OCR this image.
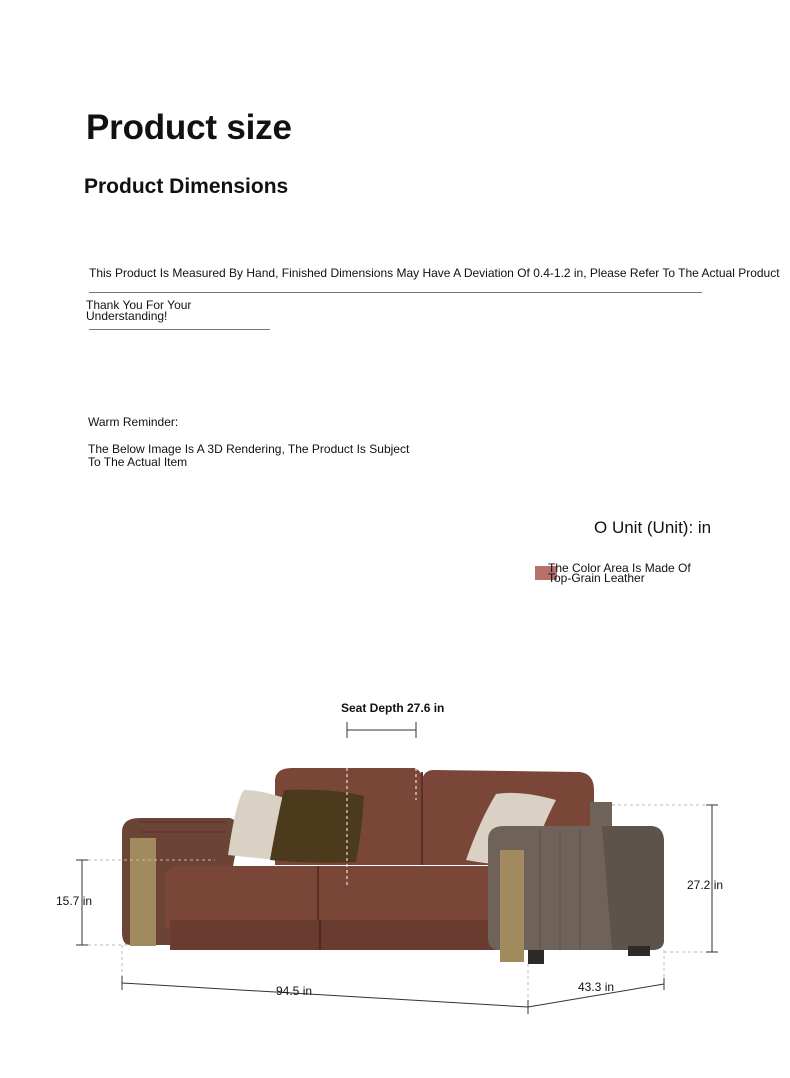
Product size
Product Dimensions
This Product Is Measured By Hand, Finished Dimensions May Have A Deviation Of 0.4-1.2 in, Please Refer To The Actual Product
Thank You For Your Understanding!
Warm Reminder:
The Below Image Is A 3D Rendering, The Product Is Subject To The Actual Item
O Unit (Unit): in
The Color Area Is Made Of Top-Grain Leather
Seat Depth 27.6 in
15.7 in
27.2 in
94.5 in	43.3 in
